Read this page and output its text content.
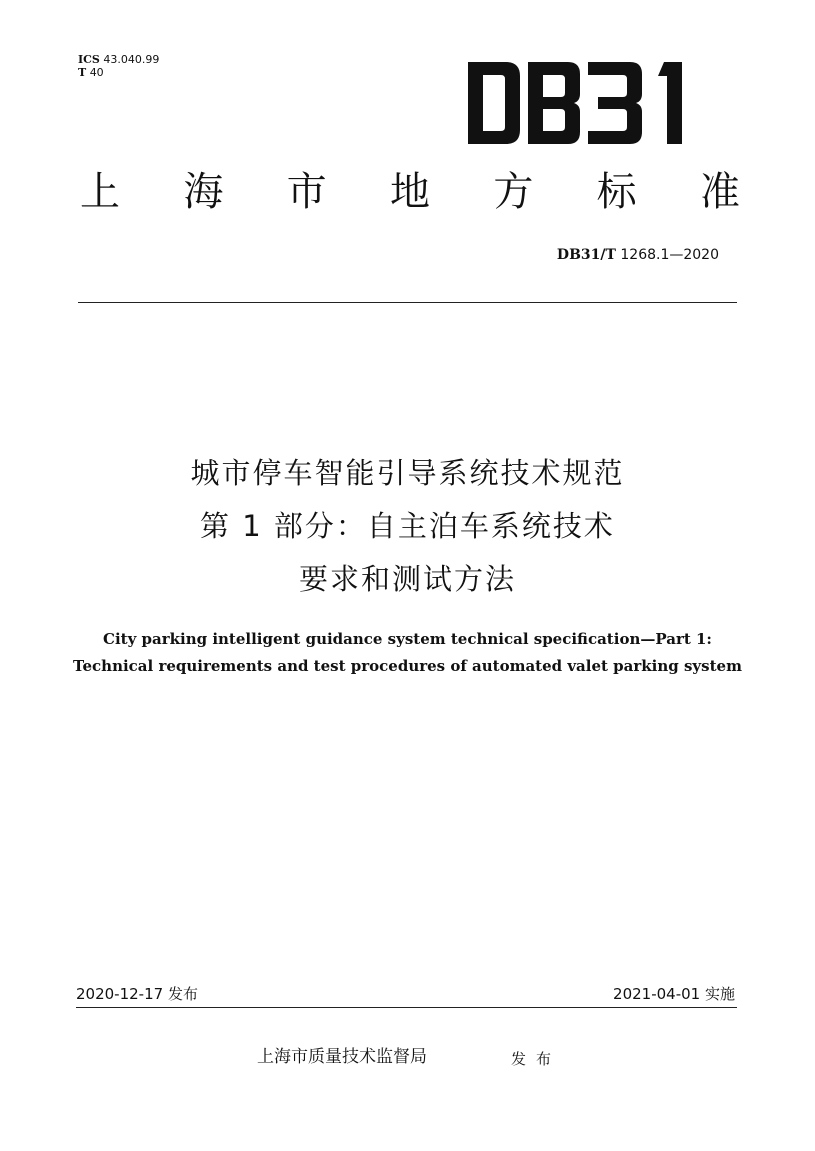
ICS 43.040.99
T 40
上 海 市 地 方 标 准
DB31/T 1268.1—2020
城市停车智能引导系统技术规范
第 1 部分：自主泊车系统技术
要求和测试方法
City parking intelligent guidance system technical specification—Part 1:
Technical requirements and test procedures of automated valet parking system
2020-12-17 发布	2021-04-01 实施
上海市质量技术监督局	发布
